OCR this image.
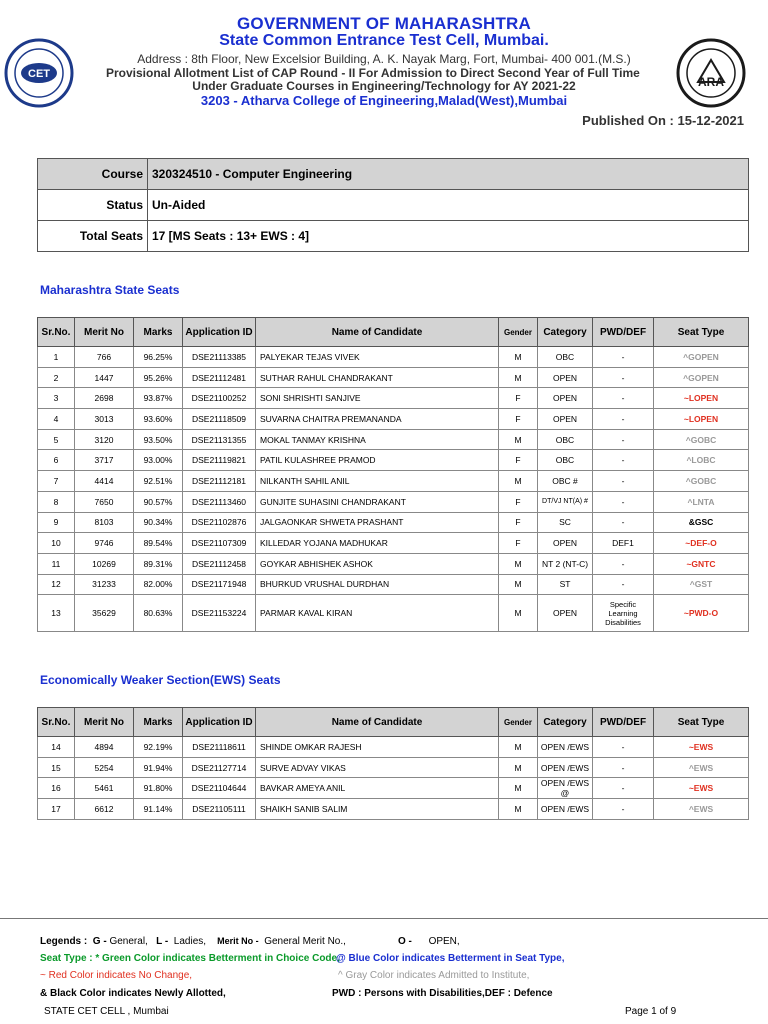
CET
ARA
GOVERNMENT OF MAHARASHTRA
State Common Entrance Test Cell, Mumbai.
Address : 8th Floor, New Excelsior Building, A. K. Nayak Marg, Fort, Mumbai- 400 001.(M.S.)
Provisional Allotment List of CAP Round - II For Admission to Direct Second Year of Full Time
Under Graduate Courses in Engineering/Technology for AY 2021-22
3203 - Atharva College of Engineering,Malad(West),Mumbai
Published On : 15-12-2021
Course	320324510 - Computer Engineering
Status	Un-Aided
Total Seats	17 [MS Seats : 13+ EWS : 4]
Maharashtra State Seats
Sr.No.	Merit No	Marks	Application ID	Name of Candidate	Gender	Category	PWD/DEF	Seat Type
1	766	96.25%	DSE21113385	PALYEKAR TEJAS VIVEK	M	OBC	-	^GOPEN
2	1447	95.26%	DSE21112481	SUTHAR RAHUL CHANDRAKANT	M	OPEN	-	^GOPEN
3	2698	93.87%	DSE21100252	SONI SHRISHTI SANJIVE	F	OPEN	-	~LOPEN
4	3013	93.60%	DSE21118509	SUVARNA CHAITRA PREMANANDA	F	OPEN	-	~LOPEN
5	3120	93.50%	DSE21131355	MOKAL TANMAY KRISHNA	M	OBC	-	^GOBC
6	3717	93.00%	DSE21119821	PATIL KULASHREE PRAMOD	F	OBC	-	^LOBC
7	4414	92.51%	DSE21112181	NILKANTH SAHIL ANIL	M	OBC #	-	^GOBC
8	7650	90.57%	DSE21113460	GUNJITE SUHASINI CHANDRAKANT	F	DT/VJ NT(A) #	-	^LNTA
9	8103	90.34%	DSE21102876	JALGAONKAR SHWETA PRASHANT	F	SC	-	&GSC
10	9746	89.54%	DSE21107309	KILLEDAR YOJANA MADHUKAR	F	OPEN	DEF1	~DEF-O
11	10269	89.31%	DSE21112458	GOYKAR ABHISHEK ASHOK	M	NT 2 (NT-C)	-	~GNTC
12	31233	82.00%	DSE21171948	BHURKUD VRUSHAL DURDHAN	M	ST	-	^GST
13	35629	80.63%	DSE21153224	PARMAR KAVAL KIRAN	M	OPEN	Specific Learning Disabilities	~PWD-O
Economically Weaker Section(EWS) Seats
Sr.No.	Merit No	Marks	Application ID	Name of Candidate	Gender	Category	PWD/DEF	Seat Type
14	4894	92.19%	DSE21118611	SHINDE OMKAR RAJESH	M	OPEN /EWS	-	~EWS
15	5254	91.94%	DSE21127714	SURVE ADVAY VIKAS	M	OPEN /EWS	-	^EWS
16	5461	91.80%	DSE21104644	BAVKAR AMEYA ANIL	M	OPEN /EWS @	-	~EWS
17	6612	91.14%	DSE21105111	SHAIKH SANIB SALIM	M	OPEN /EWS	-	^EWS
Legends : G - General, L - Ladies, Merit No - General Merit No.,	O - OPEN,
Seat Type : * Green Color indicates Betterment in Choice Code,
@ Blue Color indicates Betterment in Seat Type,
~ Red Color indicates No Change,	^ Gray Color indicates Admitted to Institute,
& Black Color indicates Newly Allotted,	PWD : Persons with Disabilities,DEF : Defence
STATE CET CELL , Mumbai	Page 1 of 9
